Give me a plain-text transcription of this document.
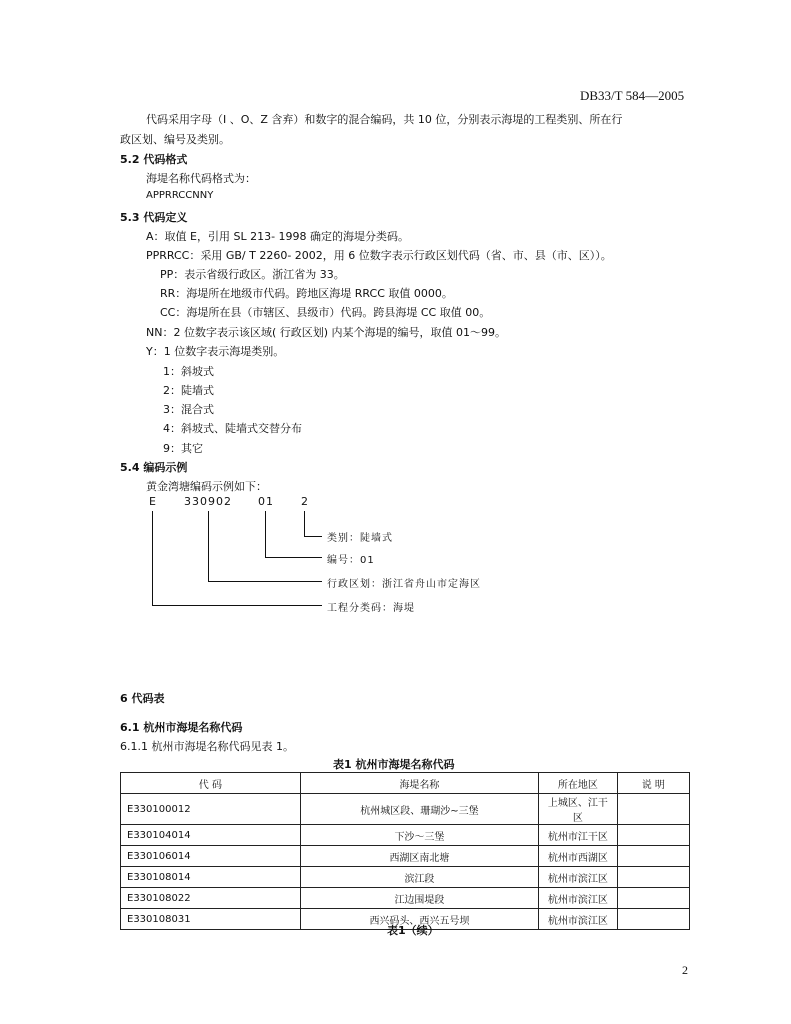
DB33/T 584—2005
代码采用字母（I 、O、Z 含弃）和数字的混合编码，共 10 位，分别表示海堤的工程类别、所在行
政区划、编号及类别。
5.2 代码格式
海堤名称代码格式为：
APPRRCCNNY
5.3 代码定义
A：取值 E，引用 SL 213- 1998 确定的海堤分类码。
PPRRCC：采用 GB/ T 2260- 2002，用 6 位数字表示行政区划代码（省、市、县（市、区））。
PP：表示省级行政区。浙江省为 33。
RR：海堤所在地级市代码。跨地区海堤 RRCC 取值 0000。
CC：海堤所在县（市辖区、县级市）代码。跨县海堤 CC 取值 00。
NN：2 位数字表示该区域( 行政区划) 内某个海堤的编号，取值 01～99。
Y：1 位数字表示海堤类别。
1：斜坡式
2：陡墙式
3：混合式
4：斜坡式、陡墙式交替分布
9：其它
5.4 编码示例
黄金湾塘编码示例如下：
E 330902 01 2
类别：陡墙式
编号：01
行政区划：浙江省舟山市定海区
工程分类码：海堤
6 代码表
6.1 杭州市海堤名称代码
6.1.1 杭州市海堤名称代码见表 1。
表1 杭州市海堤名称代码
代 码	海堤名称	所在地区	说 明
E330100012	杭州城区段、珊瑚沙~三堡	上城区、江干区	
E330104014	下沙～三堡	杭州市江干区	
E330106014	西湖区南北塘	杭州市西湖区	
E330108014	滨江段	杭州市滨江区	
E330108022	江边围堤段	杭州市滨江区	
E330108031	西兴码头、西兴五号坝	杭州市滨江区	
表1（续）
2
